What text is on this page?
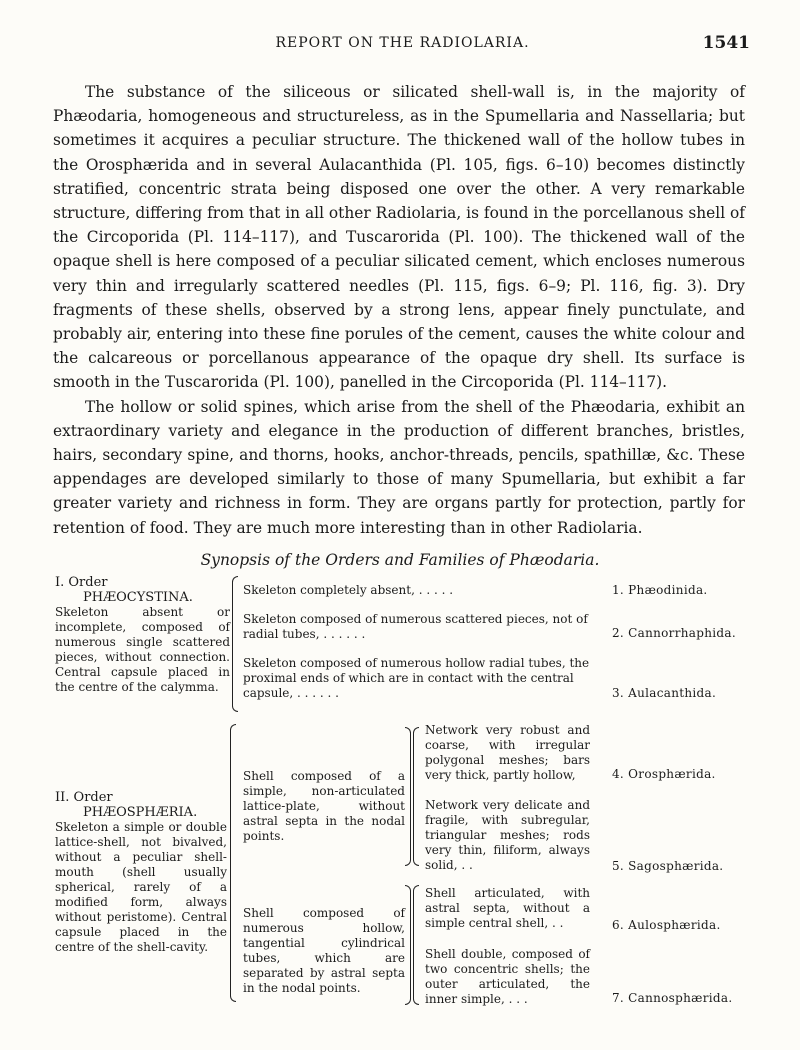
REPORT ON THE RADIOLARIA.	1541

The substance of the siliceous or silicated shell-wall is, in the majority of Phæodaria, homogeneous and structureless, as in the Spumellaria and Nassellaria; but sometimes it acquires a peculiar structure. The thickened wall of the hollow tubes in the Orosphærida and in several Aulacanthida (Pl. 105, figs. 6–10) becomes distinctly stratified, concentric strata being disposed one over the other. A very remarkable structure, differing from that in all other Radiolaria, is found in the porcellanous shell of the Circoporida (Pl. 114–117), and Tuscarorida (Pl. 100). The thickened wall of the opaque shell is here composed of a peculiar silicated cement, which encloses numerous very thin and irregularly scattered needles (Pl. 115, figs. 6–9; Pl. 116, fig. 3). Dry fragments of these shells, observed by a strong lens, appear finely punctulate, and probably air, entering into these fine porules of the cement, causes the white colour and the calcareous or porcellanous appearance of the opaque dry shell. Its surface is smooth in the Tuscarorida (Pl. 100), panelled in the Circoporida (Pl. 114–117).

The hollow or solid spines, which arise from the shell of the Phæodaria, exhibit an extraordinary variety and elegance in the production of different branches, bristles, hairs, secondary spine, and thorns, hooks, anchor-threads, pencils, spathillæ, &c. These appendages are developed similarly to those of many Spumellaria, but exhibit a far greater variety and richness in form. They are organs partly for protection, partly for retention of food. They are much more interesting than in other Radiolaria.

Synopsis of the Orders and Families of Phæodaria.
I. Order
PHÆOCYSTINA.
Skeleton absent or incomplete, composed of numerous single scattered pieces, without connection. Central capsule placed in the centre of the calymma.
Skeleton completely absent, . . . . .	1. Phæodinida.
Skeleton composed of numerous scattered pieces, not of radial tubes, . . . . . .	2. Cannorrhaphida.
Skeleton composed of numerous hollow radial tubes, the proximal ends of which are in contact with the central capsule, . . . . . .	3. Aulacanthida.
II. Order
PHÆOSPHÆRIA.
Skeleton a simple or double lattice-shell, not bivalved, without a peculiar shell-mouth (shell usually spherical, rarely of a modified form, always without peristome). Central capsule placed in the centre of the shell-cavity.
Shell composed of a simple, non-articulated lattice-plate, without astral septa in the nodal points.
Shell composed of numerous hollow, tangential cylindrical tubes, which are separated by astral septa in the nodal points.
Network very robust and coarse, with irregular polygonal meshes; bars very thick, partly hollow,	4. Orosphærida.
Network very delicate and fragile, with subregular, triangular meshes; rods very thin, filiform, always solid, . .	5. Sagosphærida.
Shell articulated, with astral septa, without a simple central shell, . .	6. Aulosphærida.
Shell double, composed of two concentric shells; the outer articulated, the inner simple, . . .	7. Cannosphærida.
